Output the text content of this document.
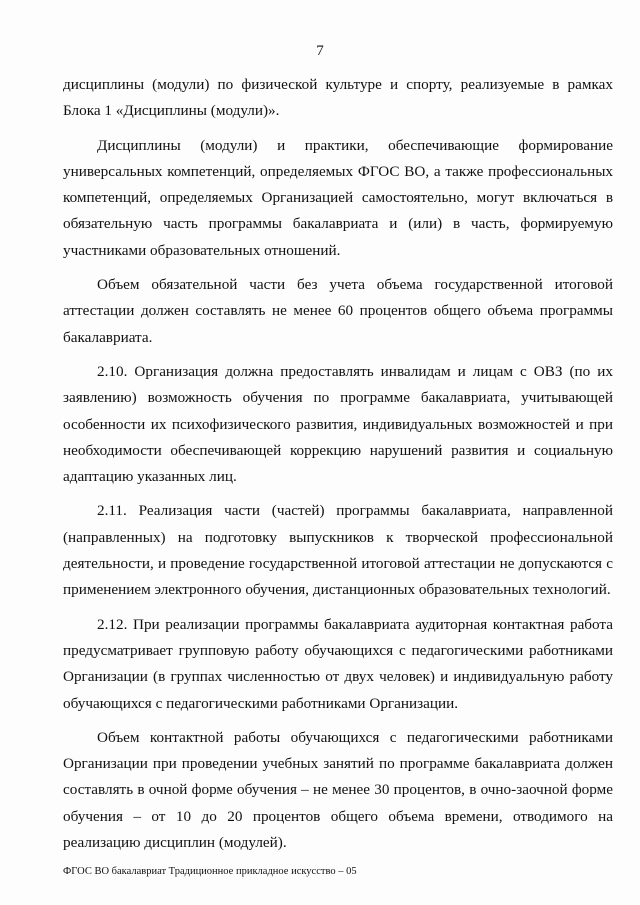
7

дисциплины (модули) по физической культуре и спорту, реализуемые в рамках Блока 1 «Дисциплины (модули)».

Дисциплины (модули) и практики, обеспечивающие формирование универсальных компетенций, определяемых ФГОС ВО, а также профессиональных компетенций, определяемых Организацией самостоятельно, могут включаться в обязательную часть программы бакалавриата и (или) в часть, формируемую участниками образовательных отношений.

Объем обязательной части без учета объема государственной итоговой аттестации должен составлять не менее 60 процентов общего объема программы бакалавриата.

2.10. Организация должна предоставлять инвалидам и лицам с ОВЗ (по их заявлению) возможность обучения по программе бакалавриата, учитывающей особенности их психофизического развития, индивидуальных возможностей и при необходимости обеспечивающей коррекцию нарушений развития и социальную адаптацию указанных лиц.

2.11. Реализация части (частей) программы бакалавриата, направленной (направленных) на подготовку выпускников к творческой профессиональной деятельности, и проведение государственной итоговой аттестации не допускаются с применением электронного обучения, дистанционных образовательных технологий.

2.12. При реализации программы бакалавриата аудиторная контактная работа предусматривает групповую работу обучающихся с педагогическими работниками Организации (в группах численностью от двух человек) и индивидуальную работу обучающихся с педагогическими работниками Организации.

Объем контактной работы обучающихся с педагогическими работниками Организации при проведении учебных занятий по программе бакалавриата должен составлять в очной форме обучения – не менее 30 процентов, в очно-заочной форме обучения – от 10 до 20 процентов общего объема времени, отводимого на реализацию дисциплин (модулей).

ФГОС ВО бакалавриат Традиционное прикладное искусство – 05
